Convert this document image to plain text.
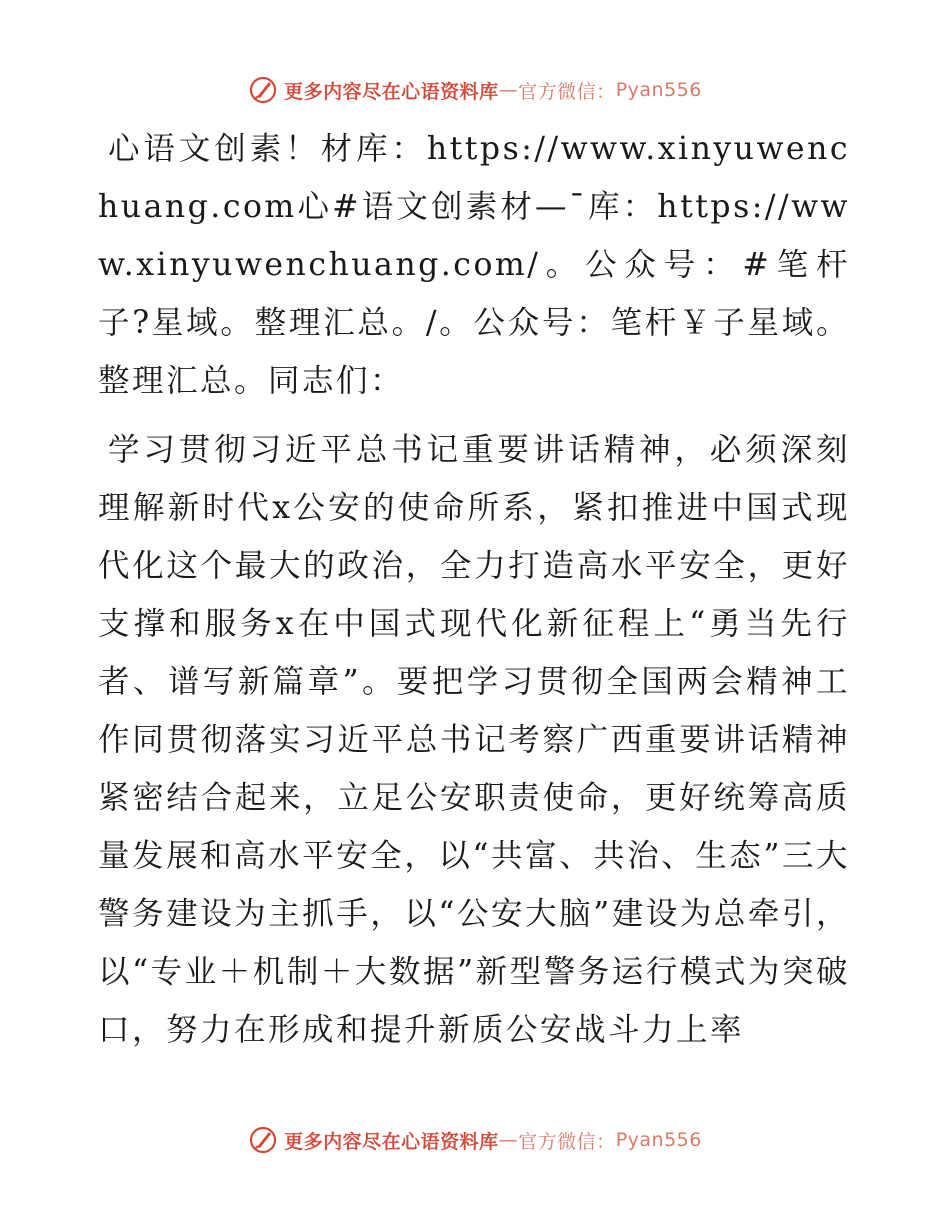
更多内容尽在心语资料库 — 官方微信： Pyan556

心语文创素！材库：https://www.xinyuwenchuang.com心#语文创素材—¯库：https://www.xinyuwenchuang.com/。公众号：#笔杆子?星域。整理汇总。/。公众号：笔杆￥子星域。整理汇总。同志们：

学习贯彻习近平总书记重要讲话精神，必须深刻理解新时代x公安的使命所系，紧扣推进中国式现代化这个最大的政治，全力打造高水平安全，更好支撑和服务x在中国式现代化新征程上“勇当先行者、谱写新篇章”。要把学习贯彻全国两会精神工作同贯彻落实习近平总书记考察广西重要讲话精神紧密结合起来，立足公安职责使命，更好统筹高质量发展和高水平安全，以“共富、共治、生态”三大警务建设为主抓手，以“公安大脑”建设为总牵引，以“专业＋机制＋大数据”新型警务运行模式为突破口，努力在形成和提升新质公安战斗力上率

更多内容尽在心语资料库 — 官方微信： Pyan556
